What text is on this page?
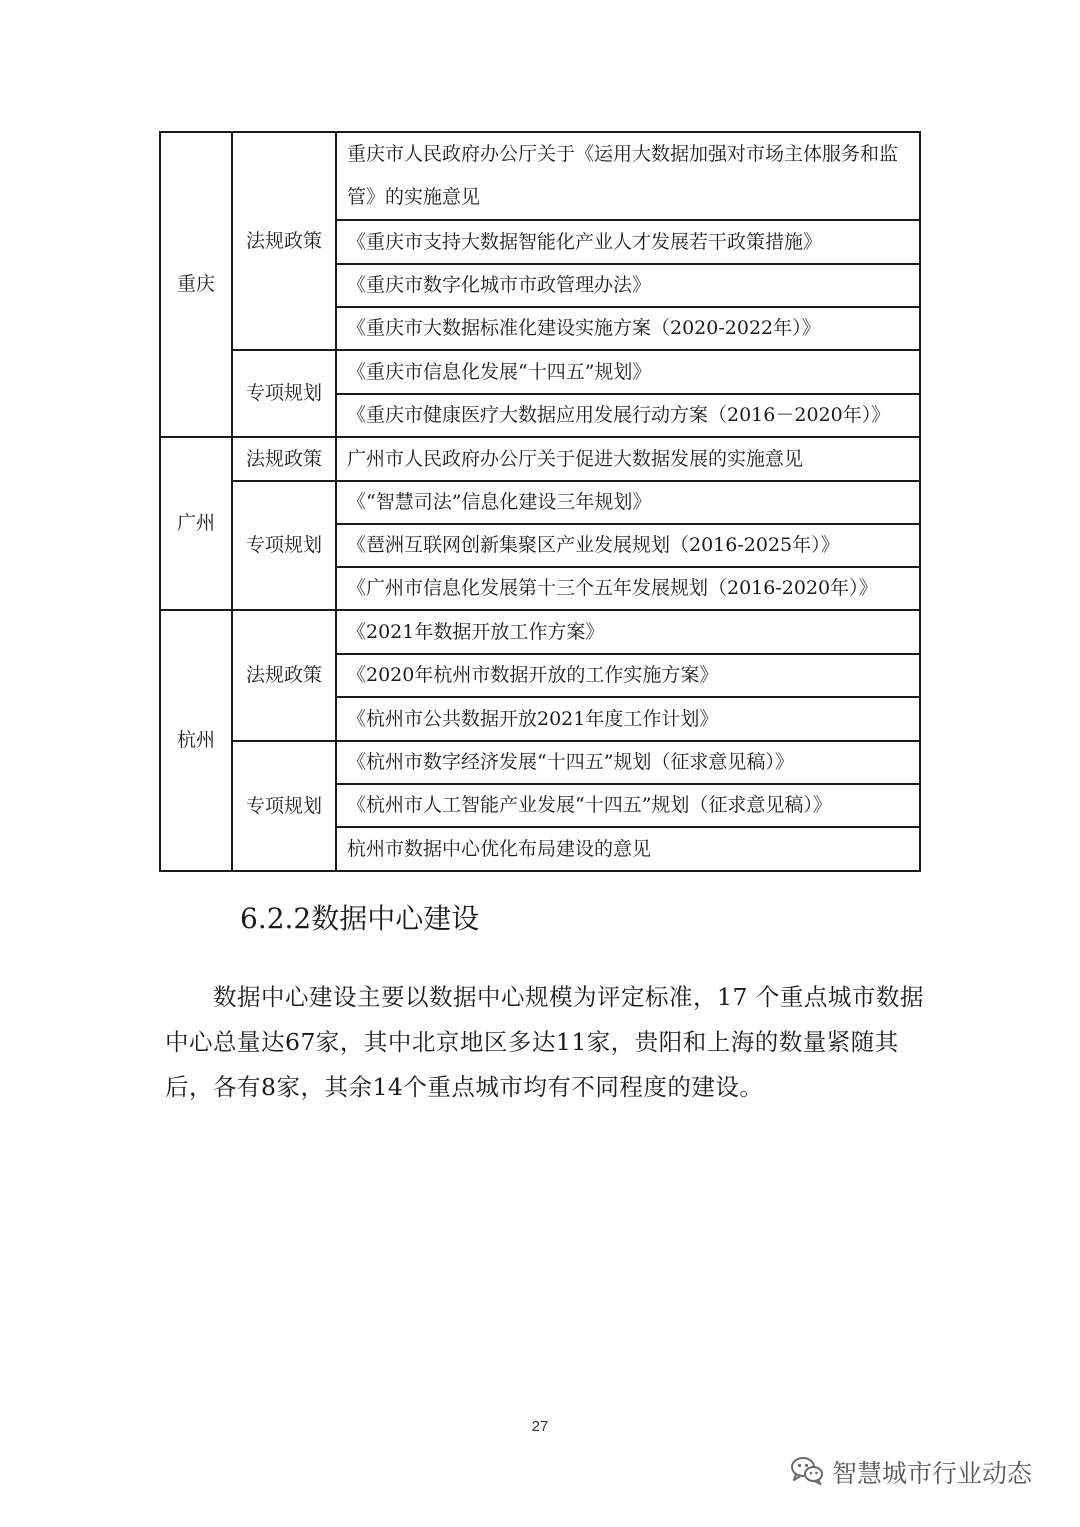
重庆	法规政策	重庆市人民政府办公厅关于《运用大数据加强对市场主体服务和监管》的实施意见
		《重庆市支持大数据智能化产业人才发展若干政策措施》
		《重庆市数字化城市市政管理办法》
		《重庆市大数据标准化建设实施方案（2020-2022年）》
	专项规划	《重庆市信息化发展“十四五”规划》
		《重庆市健康医疗大数据应用发展行动方案（2016－2020年）》
广州	法规政策	广州市人民政府办公厅关于促进大数据发展的实施意见
	专项规划	《“智慧司法”信息化建设三年规划》
		《琶洲互联网创新集聚区产业发展规划（2016-2025年）》
		《广州市信息化发展第十三个五年发展规划（2016-2020年）》
杭州	法规政策	《2021年数据开放工作方案》
		《2020年杭州市数据开放的工作实施方案》
		《杭州市公共数据开放2021年度工作计划》
	专项规划	《杭州市数字经济发展“十四五”规划（征求意见稿）》
		《杭州市人工智能产业发展“十四五”规划（征求意见稿）》
		杭州市数据中心优化布局建设的意见
6.2.2数据中心建设

数据中心建设主要以数据中心规模为评定标准，17 个重点城市数据中心总量达67家，其中北京地区多达11家，贵阳和上海的数量紧随其后，各有8家，其余14个重点城市均有不同程度的建设。

27
智慧城市行业动态
